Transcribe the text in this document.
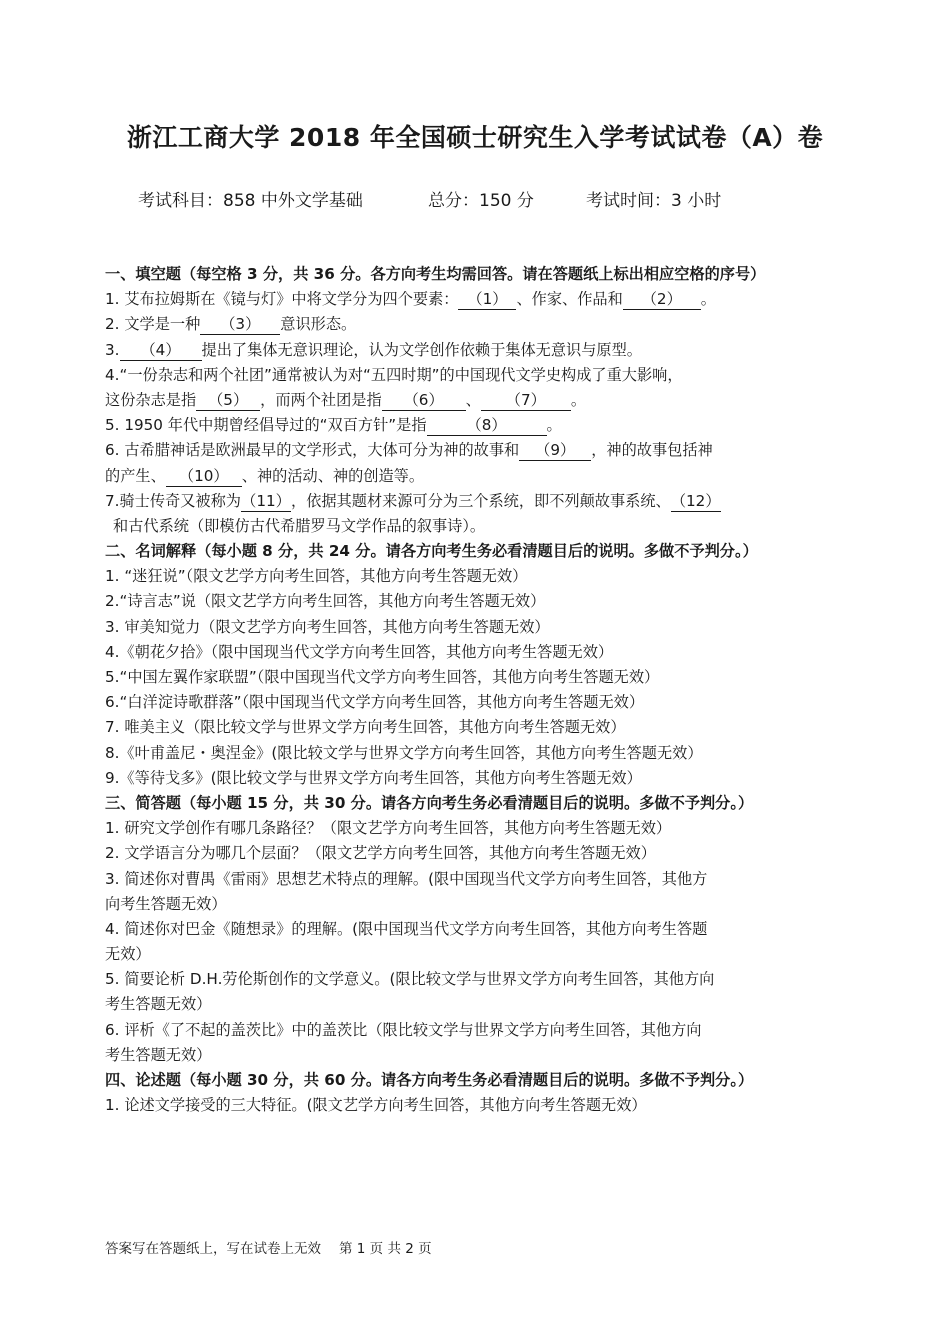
浙江工商大学 2018 年全国硕士研究生入学考试试卷（A）卷
考试科目：858 中外文学基础	总分：150 分	考试时间：3 小时
一、填空题（每空格 3 分，共 36 分。各方向考生均需回答。请在答题纸上标出相应空格的序号）
1. 艾布拉姆斯在《镜与灯》中将文学分为四个要素： （1） 、作家、作品和 （2） 。
2. 文学是一种 （3） 意识形态。
3. （4） 提出了集体无意识理论，认为文学创作依赖于集体无意识与原型。
4.“一份杂志和两个社团”通常被认为对“五四时期”的中国现代文学史构成了重大影响，
这份杂志是指 （5） ，而两个社团是指 （6） 、 （7） 。
5. 1950 年代中期曾经倡导过的“双百方针”是指	（8）	。
6. 古希腊神话是欧洲最早的文学形式，大体可分为神的故事和 （9） ，神的故事包括神
的产生、 （10） 、神的活动、神的创造等。
7.骑士传奇又被称为（11），依据其题材来源可分为三个系统，即不列颠故事系统、（12）
和古代系统（即模仿古代希腊罗马文学作品的叙事诗）。
二、名词解释（每小题 8 分，共 24 分。请各方向考生务必看清题目后的说明。多做不予判分。）
1. “迷狂说”（限文艺学方向考生回答，其他方向考生答题无效）
2.“诗言志”说（限文艺学方向考生回答，其他方向考生答题无效）
3. 审美知觉力（限文艺学方向考生回答，其他方向考生答题无效）
4.《朝花夕拾》（限中国现当代文学方向考生回答，其他方向考生答题无效）
5.“中国左翼作家联盟”（限中国现当代文学方向考生回答，其他方向考生答题无效）
6.“白洋淀诗歌群落”（限中国现当代文学方向考生回答，其他方向考生答题无效）
7. 唯美主义（限比较文学与世界文学方向考生回答，其他方向考生答题无效）
8.《叶甫盖尼・奥涅金》(限比较文学与世界文学方向考生回答，其他方向考生答题无效）
9.《等待戈多》(限比较文学与世界文学方向考生回答，其他方向考生答题无效）
三、简答题（每小题 15 分，共 30 分。请各方向考生务必看清题目后的说明。多做不予判分。）
1. 研究文学创作有哪几条路径？（限文艺学方向考生回答，其他方向考生答题无效）
2. 文学语言分为哪几个层面？（限文艺学方向考生回答，其他方向考生答题无效）
3. 简述你对曹禺《雷雨》思想艺术特点的理解。(限中国现当代文学方向考生回答，其他方
向考生答题无效）
4. 简述你对巴金《随想录》的理解。(限中国现当代文学方向考生回答，其他方向考生答题
无效）
5. 简要论析 D.H.劳伦斯创作的文学意义。(限比较文学与世界文学方向考生回答，其他方向
考生答题无效）
6. 评析《了不起的盖茨比》中的盖茨比（限比较文学与世界文学方向考生回答，其他方向
考生答题无效）
四、论述题（每小题 30 分，共 60 分。请各方向考生务必看清题目后的说明。多做不予判分。）
1. 论述文学接受的三大特征。(限文艺学方向考生回答，其他方向考生答题无效）
答案写在答题纸上，写在试卷上无效 第 1 页 共 2 页
